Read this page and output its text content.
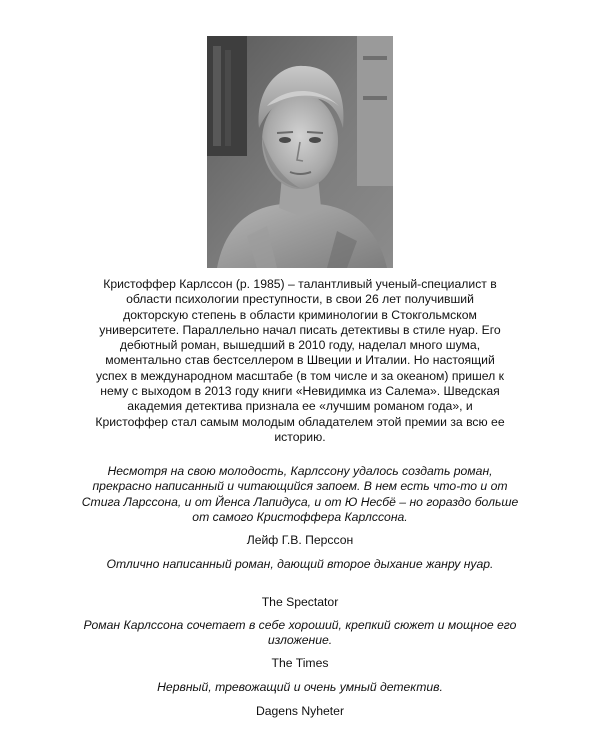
Кристоффер Карлссон (р. 1985) – талантливый ученый-специалист в области психологии преступности, в свои 26 лет получивший докторскую степень в области криминологии в Стокгольмском университете. Параллельно начал писать детективы в стиле нуар. Его дебютный роман, вышедший в 2010 году, наделал много шума, моментально став бестселлером в Швеции и Италии. Но настоящий успех в международном масштабе (в том числе и за океаном) пришел к нему с выходом в 2013 году книги «Невидимка из Салема». Шведская академия детектива признала ее «лучшим романом года», и Кристоффер стал самым молодым обладателем этой премии за всю ее историю.

Несмотря на свою молодость, Карлссону удалось создать роман, прекрасно написанный и читающийся запоем. В нем есть что-то и от Стига Ларссона, и от Йенса Лапидуса, и от Ю Несбё – но гораздо больше от самого Кристоффера Карлссона.

Лейф Г.В. Перссон

Отлично написанный роман, дающий второе дыхание жанру нуар.

The Spectator

Роман Карлссона сочетает в себе хороший, крепкий сюжет и мощное его изложение.

The Times

Нервный, тревожащий и очень умный детектив.

Dagens Nyheter
